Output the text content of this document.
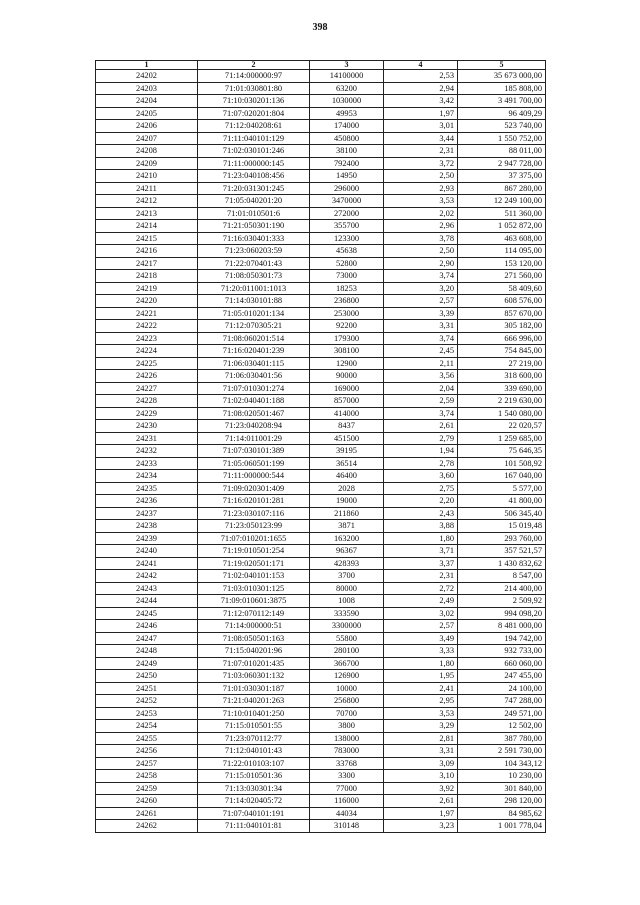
398
1	2	3	4	5
24202	71:14:000000:97	14100000	2,53	35 673 000,00
24203	71:01:030801:80	63200	2,94	185 808,00
24204	71:10:030201:136	1030000	3,42	3 491 700,00
24205	71:07:020201:804	49953	1,97	96 409,29
24206	71:12:040208:61	174000	3,01	523 740,00
24207	71:11:040101:129	450800	3,44	1 550 752,00
24208	71:02:030101:246	38100	2,31	88 011,00
24209	71:11:000000:145	792400	3,72	2 947 728,00
24210	71:23:040108:456	14950	2,50	37 375,00
24211	71:20:031301:245	296000	2,93	867 280,00
24212	71:05:040201:20	3470000	3,53	12 249 100,00
24213	71:01:010501:6	272000	2,02	511 360,00
24214	71:21:050301:190	355700	2,96	1 052 872,00
24215	71:16:030401:333	123300	3,78	463 608,00
24216	71:23:060203:59	45638	2,50	114 095,00
24217	71:22:070401:43	52800	2,90	153 120,00
24218	71:08:050301:73	73000	3,74	271 560,00
24219	71:20:011001:1013	18253	3,20	58 409,60
24220	71:14:030101:88	236800	2,57	608 576,00
24221	71:05:010201:134	253000	3,39	857 670,00
24222	71:12:070305:21	92200	3,31	305 182,00
24223	71:08:060201:514	179300	3,74	666 996,00
24224	71:16:020401:239	308100	2,45	754 845,00
24225	71:06:030401:115	12900	2,11	27 219,00
24226	71:06:030401:56	90000	3,56	318 600,00
24227	71:07:010301:274	169000	2,04	339 690,00
24228	71:02:040401:188	857000	2,59	2 219 630,00
24229	71:08:020501:467	414000	3,74	1 540 080,00
24230	71:23:040208:94	8437	2,61	22 020,57
24231	71:14:011001:29	451500	2,79	1 259 685,00
24232	71:07:030101:389	39195	1,94	75 646,35
24233	71:05:060501:199	36514	2,78	101 508,92
24234	71:11:000000:544	46400	3,60	167 040,00
24235	71:09:020301:409	2028	2,75	5 577,00
24236	71:16:020101:281	19000	2,20	41 800,00
24237	71:23:030107:116	211860	2,43	506 345,40
24238	71:23:050123:99	3871	3,88	15 019,48
24239	71:07:010201:1655	163200	1,80	293 760,00
24240	71:19:010501:254	96367	3,71	357 521,57
24241	71:19:020501:171	428393	3,37	1 430 832,62
24242	71:02:040101:153	3700	2,31	8 547,00
24243	71:03:010301:125	80000	2,72	214 400,00
24244	71:09:010601:3875	1008	2,49	2 509,92
24245	71:12:070112:149	333590	3,02	994 098,20
24246	71:14:000000:51	3300000	2,57	8 481 000,00
24247	71:08:050501:163	55800	3,49	194 742,00
24248	71:15:040201:96	280100	3,33	932 733,00
24249	71:07:010201:435	366700	1,80	660 060,00
24250	71:03:060301:132	126900	1,95	247 455,00
24251	71:01:030301:187	10000	2,41	24 100,00
24252	71:21:040201:263	256800	2,95	747 288,00
24253	71:10:010401:250	70700	3,53	249 571,00
24254	71:15:010501:55	3800	3,29	12 502,00
24255	71:23:070112:77	138000	2,81	387 780,00
24256	71:12:040101:43	783000	3,31	2 591 730,00
24257	71:22:010103:107	33768	3,09	104 343,12
24258	71:15:010501:36	3300	3,10	10 230,00
24259	71:13:030301:34	77000	3,92	301 840,00
24260	71:14:020405:72	116000	2,61	298 120,00
24261	71:07:040101:191	44034	1,97	84 985,62
24262	71:11:040101:81	310148	3,23	1 001 778,04
